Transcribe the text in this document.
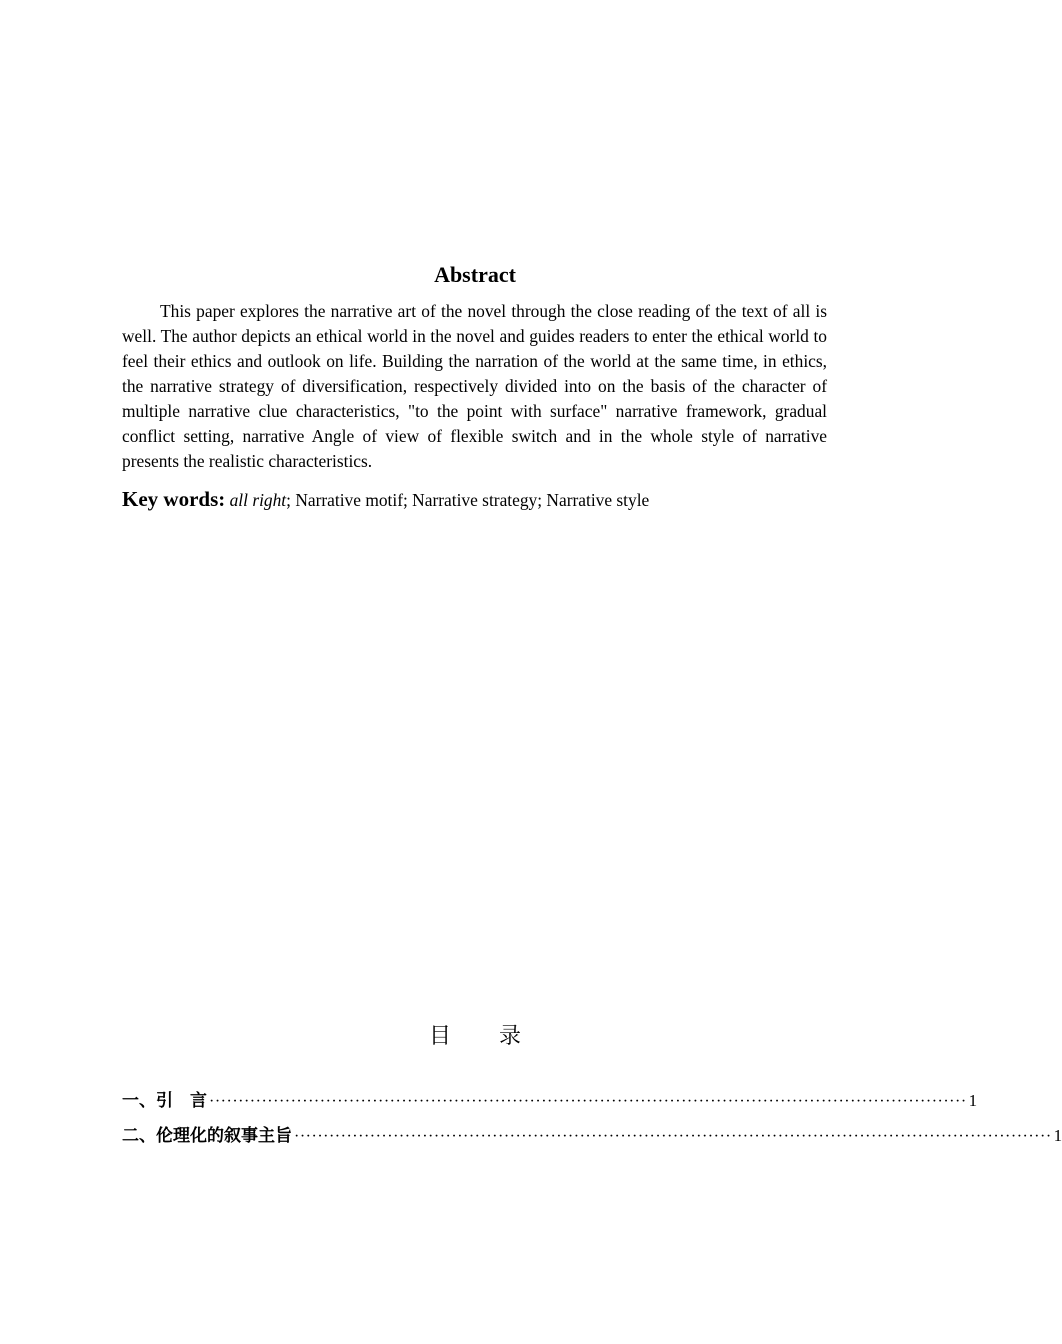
Abstract

This paper explores the narrative art of the novel through the close reading of the text of all is well. The author depicts an ethical world in the novel and guides readers to enter the ethical world to feel their ethics and outlook on life. Building the narration of the world at the same time, in ethics, the narrative strategy of diversification, respectively divided into on the basis of the character of multiple narrative clue characteristics, "to the point with surface" narrative framework, gradual conflict setting, narrative Angle of view of flexible switch and in the whole style of narrative presents the realistic characteristics.

Key words: all right; Narrative motif; Narrative strategy; Narrative style
目 录
一、引　言 ·································································································································· 1
二、伦理化的叙事主旨 ·································································································································· 1
